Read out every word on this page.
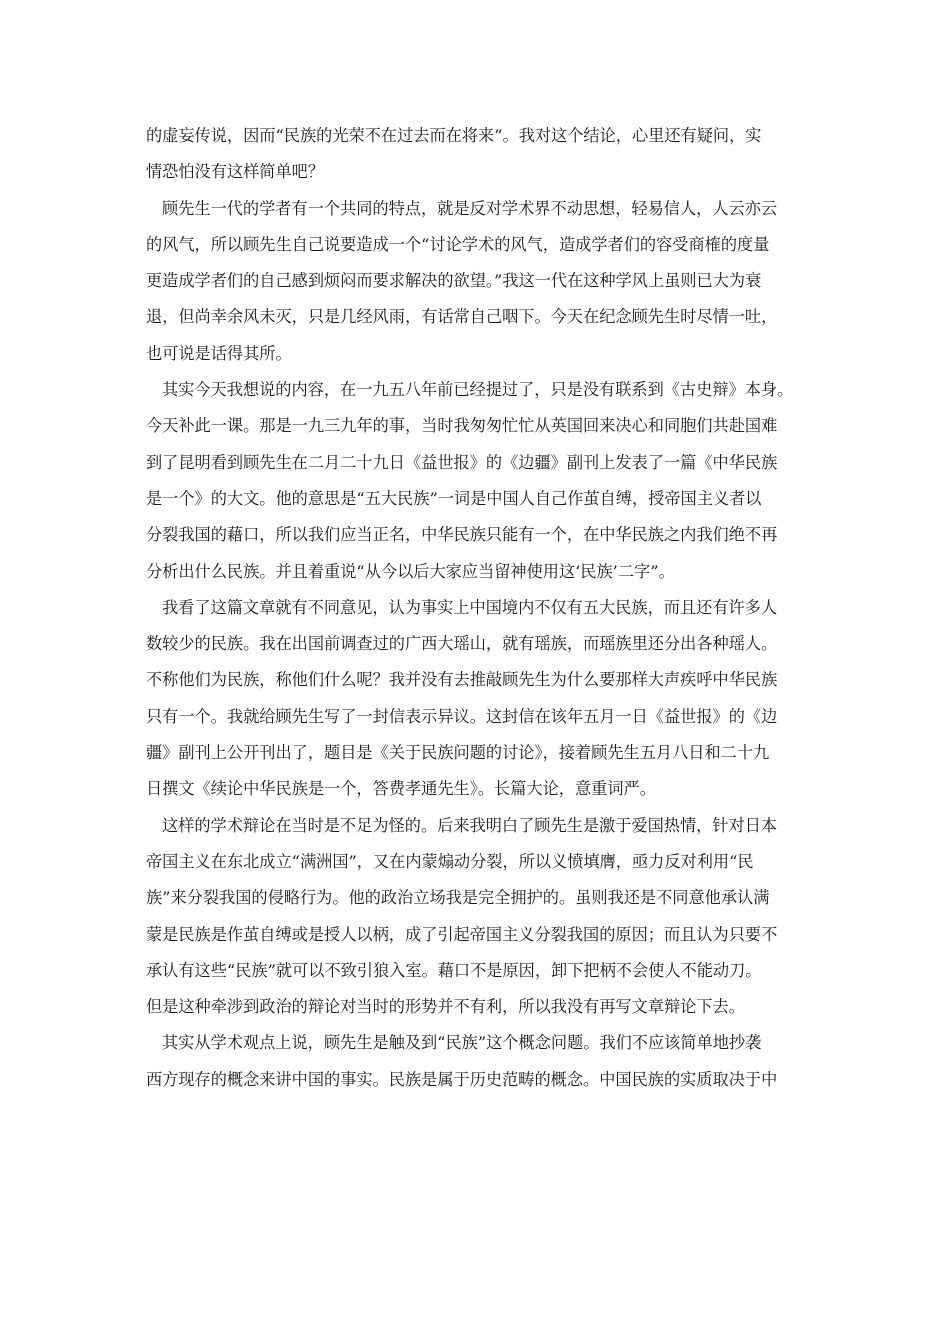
的虚妄传说，因而“民族的光荣不在过去而在将来”。我对这个结论，心里还有疑问，实
情恐怕没有这样简单吧？
顾先生一代的学者有一个共同的特点，就是反对学术界不动思想，轻易信人，人云亦云
的风气，所以顾先生自己说要造成一个“讨论学术的风气，造成学者们的容受商榷的度量
更造成学者们的自己感到烦闷而要求解决的欲望。”我这一代在这种学风上虽则已大为衰
退，但尚幸余风未灭，只是几经风雨，有话常自己咽下。今天在纪念顾先生时尽情一吐，
也可说是话得其所。
其实今天我想说的内容，在一九五八年前已经提过了，只是没有联系到《古史辩》本身。
今天补此一课。那是一九三九年的事，当时我匆匆忙忙从英国回来决心和同胞们共赴国难
到了昆明看到顾先生在二月二十九日《益世报》的《边疆》副刊上发表了一篇《中华民族
是一个》的大文。他的意思是“五大民族”一词是中国人自己作茧自缚，授帝国主义者以
分裂我国的藉口，所以我们应当正名，中华民族只能有一个，在中华民族之内我们绝不再
分析出什么民族。并且着重说“从今以后大家应当留神使用这‘民族’二字”。
我看了这篇文章就有不同意见，认为事实上中国境内不仅有五大民族，而且还有许多人
数较少的民族。我在出国前调查过的广西大瑶山，就有瑶族，而瑶族里还分出各种瑶人。
不称他们为民族，称他们什么呢？我并没有去推敲顾先生为什么要那样大声疾呼中华民族
只有一个。我就给顾先生写了一封信表示异议。这封信在该年五月一日《益世报》的《边
疆》副刊上公开刊出了，题目是《关于民族问题的讨论》，接着顾先生五月八日和二十九
日撰文《续论中华民族是一个，答费孝通先生》。长篇大论，意重词严。
这样的学术辩论在当时是不足为怪的。后来我明白了顾先生是激于爱国热情，针对日本
帝国主义在东北成立“满洲国”，又在内蒙煽动分裂，所以义愤填膺，亟力反对利用“民
族”来分裂我国的侵略行为。他的政治立场我是完全拥护的。虽则我还是不同意他承认满
蒙是民族是作茧自缚或是授人以柄，成了引起帝国主义分裂我国的原因；而且认为只要不
承认有这些“民族”就可以不致引狼入室。藉口不是原因，卸下把柄不会使人不能动刀。
但是这种牵涉到政治的辩论对当时的形势并不有利，所以我没有再写文章辩论下去。
其实从学术观点上说，顾先生是触及到“民族”这个概念问题。我们不应该简单地抄袭
西方现存的概念来讲中国的事实。民族是属于历史范畴的概念。中国民族的实质取决于中
